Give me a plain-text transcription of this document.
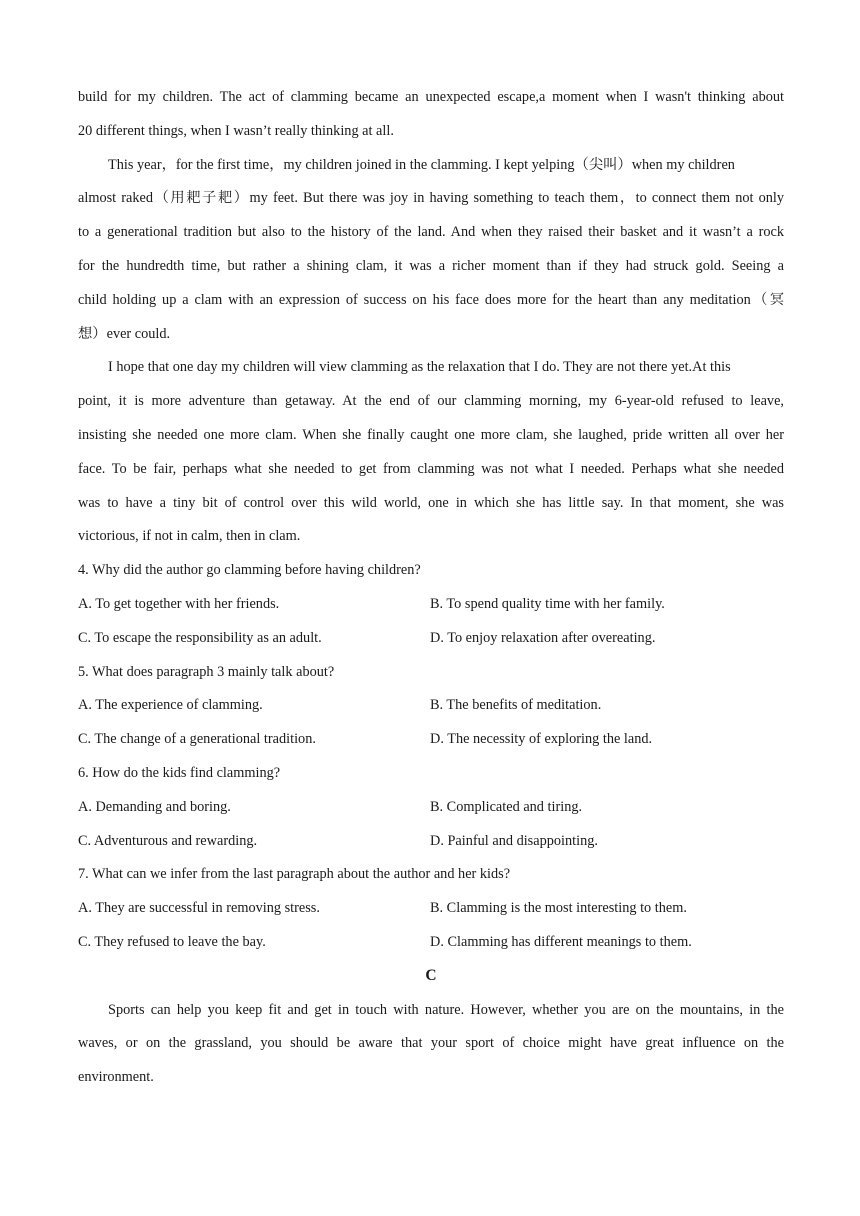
build for my children. The act of clamming became an unexpected escape,a moment when I wasn't thinking about
20 different things, when I wasn’t really thinking at all.
This year，for the first time，my children joined in the clamming. I kept yelping（尖叫）when my children
almost raked（用耙子耙）my feet. But there was joy in having something to teach them，to connect them not only
to a generational tradition but also to the history of the land. And when they raised their basket and it wasn’t a rock
for the hundredth time, but rather a shining clam, it was a richer moment than if they had struck gold. Seeing a
child holding up a clam with an expression of success on his face does more for the heart than any meditation（冥
想）ever could.
I hope that one day my children will view clamming as the relaxation that I do. They are not there yet.At this
point, it is more adventure than getaway. At the end of our clamming morning, my 6-year-old refused to leave,
insisting she needed one more clam. When she finally caught one more clam, she laughed, pride written all over her
face. To be fair, perhaps what she needed to get from clamming was not what I needed. Perhaps what she needed
was to have a tiny bit of control over this wild world, one in which she has little say. In that moment, she was
victorious, if not in calm, then in clam.
4. Why did the author go clamming before having children?
A. To get together with her friends.	B. To spend quality time with her family.
C. To escape the responsibility as an adult.	D. To enjoy relaxation after overeating.
5. What does paragraph 3 mainly talk about?
A. The experience of clamming.	B. The benefits of meditation.
C. The change of a generational tradition.	D. The necessity of exploring the land.
6. How do the kids find clamming?
A. Demanding and boring.	B. Complicated and tiring.
C. Adventurous and rewarding.	D. Painful and disappointing.
7. What can we infer from the last paragraph about the author and her kids?
A. They are successful in removing stress.	B. Clamming is the most interesting to them.
C. They refused to leave the bay.	D. Clamming has different meanings to them.
C
Sports can help you keep fit and get in touch with nature. However, whether you are on the mountains, in the
waves, or on the grassland, you should be aware that your sport of choice might have great influence on the
environment.
